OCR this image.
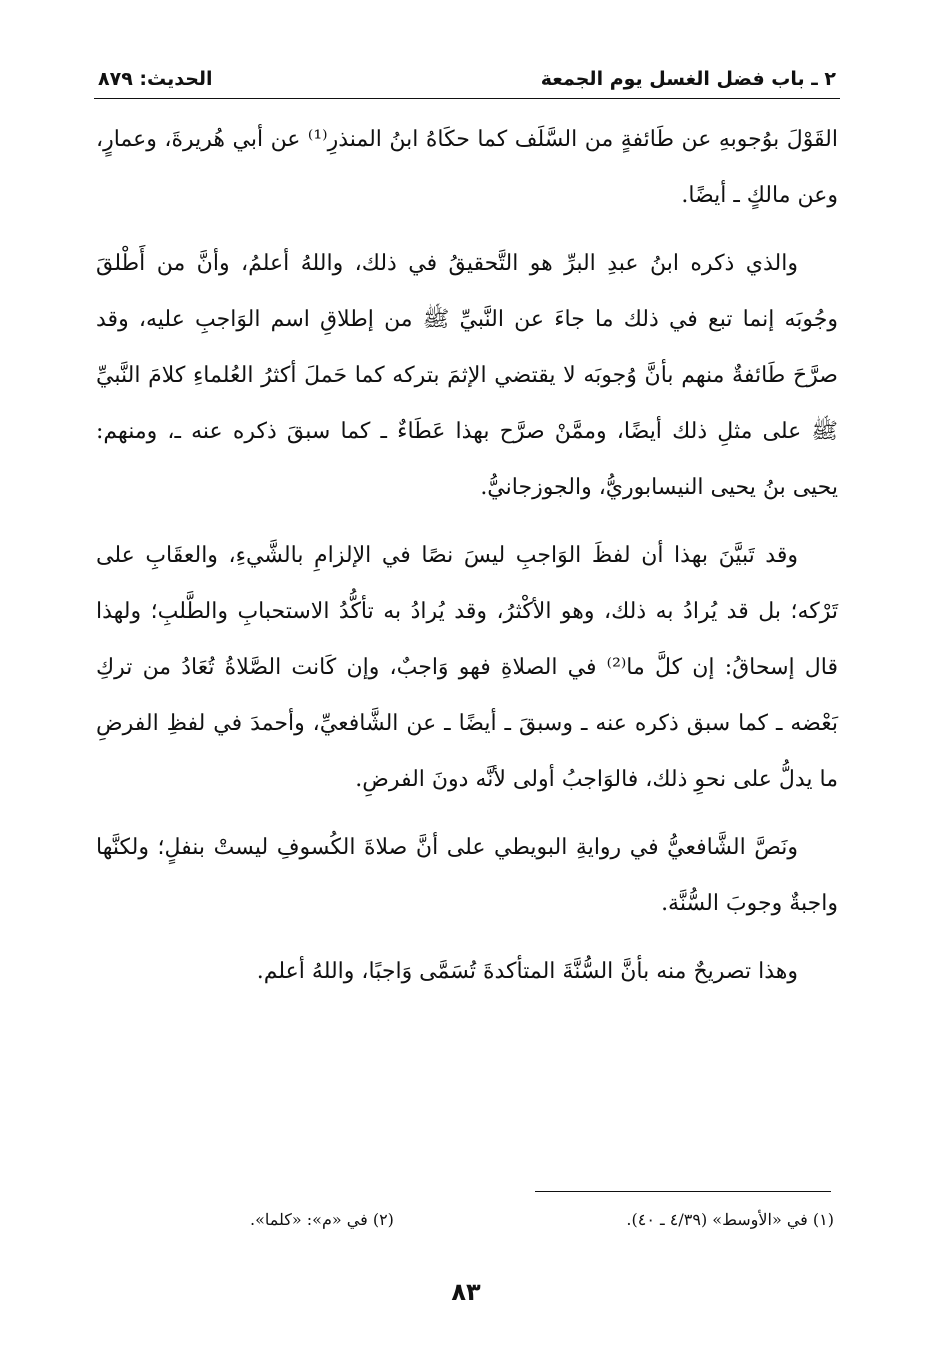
٢ ـ باب فضل الغسل يوم الجمعة
الحديث: ٨٧٩

القَوْلَ بوُجوبهِ عن طَائفةٍ من السَّلَف كما حكَاهُ ابنُ المنذرِ⁽¹⁾ عن أبي هُريرةَ، وعمارٍ، وعن مالكٍ ـ أيضًا.

والذي ذكره ابنُ عبدِ البرِّ هو التَّحقيقُ في ذلك، واللهُ أعلمُ، وأنَّ من أَطْلقَ وجُوبَه إنما تبع في ذلك ما جاءَ عن النَّبيِّ ﷺ من إطلاقِ اسم الوَاجبِ عليه، وقد صرَّحَ طَائفةٌ منهم بأنَّ وُجوبَه لا يقتضي الإثمَ بتركه كما حَملَ أكثرُ العُلماءِ كلامَ النَّبيِّ ﷺ على مثلِ ذلك أيضًا، وممَّنْ صرَّح بهذا عَطَاءٌ ـ كما سبقَ ذكره عنه ـ، ومنهم: يحيى بنُ يحيى النيسابوريُّ، والجوزجانيُّ.

وقد تَبيَّنَ بهذا أن لفظَ الوَاجبِ ليسَ نصًا في الإلزامِ بالشَّيءِ، والعقَابِ على تَرْكه؛ بل قد يُرادُ به ذلك، وهو الأكْثرُ، وقد يُرادُ به تأكُّدُ الاستحبابِ والطَّلبِ؛ ولهذا قال إسحاقُ: إن كلَّ ما⁽²⁾ في الصلاةِ فهو وَاجبٌ، وإن كَانت الصَّلاةُ تُعَادُ من تركِ بَعْضه ـ كما سبق ذكره عنه ـ وسبقَ ـ أيضًا ـ عن الشَّافعيِّ، وأحمدَ في لفظِ الفرضِ ما يدلُّ على نحوِ ذلك، فالوَاجبُ أولى لأنَّه دونَ الفرضِ.

ونَصَّ الشَّافعيُّ في روايةِ البويطي على أنَّ صلاةَ الكُسوفِ ليستْ بنفلٍ؛ ولكنَّها واجبةٌ وجوبَ السُّنَّة.

وهذا تصريحٌ منه بأنَّ السُّنَّةَ المتأكدةَ تُسَمَّى وَاجبًا، واللهُ أعلم.

(١) في «الأوسط» (٤/٣٩ ـ ٤٠).
(٢) في «م»: «كلما».
٨٣
